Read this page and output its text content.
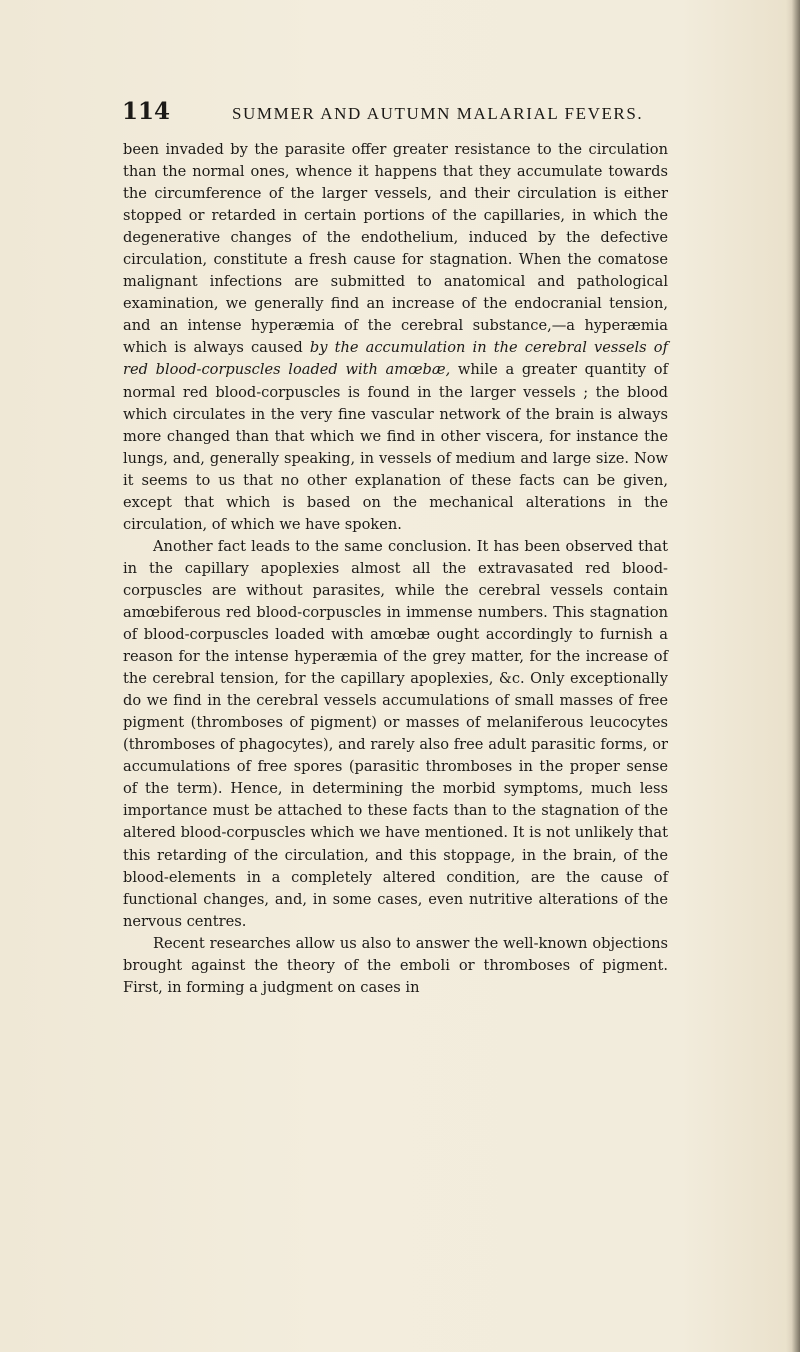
114	SUMMER AND AUTUMN MALARIAL FEVERS.

been invaded by the parasite offer greater resistance to the circulation than the normal ones, whence it happens that they accumulate towards the circumference of the larger vessels, and their circulation is either stopped or retarded in certain portions of the capillaries, in which the degenerative changes of the endothelium, induced by the defective circulation, constitute a fresh cause for stagnation. When the comatose malignant infections are submitted to anatomical and pathological examination, we generally find an increase of the endocranial tension, and an intense hyperæmia of the cerebral substance,—a hyperæmia which is always caused by the accumulation in the cerebral vessels of red blood-corpuscles loaded with amœbæ, while a greater quantity of normal red blood-corpuscles is found in the larger vessels ; the blood which circulates in the very fine vascular network of the brain is always more changed than that which we find in other viscera, for instance the lungs, and, generally speaking, in vessels of medium and large size. Now it seems to us that no other explanation of these facts can be given, except that which is based on the mechanical alterations in the circulation, of which we have spoken.

Another fact leads to the same conclusion. It has been observed that in the capillary apoplexies almost all the extravasated red blood-corpuscles are without parasites, while the cerebral vessels contain amœbiferous red blood-corpuscles in immense numbers. This stagnation of blood-corpuscles loaded with amœbæ ought accordingly to furnish a reason for the intense hyperæmia of the grey matter, for the increase of the cerebral tension, for the capillary apoplexies, &c. Only exceptionally do we find in the cerebral vessels accumulations of small masses of free pigment (thromboses of pigment) or masses of melaniferous leucocytes (thromboses of phagocytes), and rarely also free adult parasitic forms, or accumulations of free spores (parasitic thromboses in the proper sense of the term). Hence, in determining the morbid symptoms, much less importance must be attached to these facts than to the stagnation of the altered blood-corpuscles which we have mentioned. It is not unlikely that this retarding of the circulation, and this stoppage, in the brain, of the blood-elements in a completely altered condition, are the cause of functional changes, and, in some cases, even nutritive alterations of the nervous centres.

Recent researches allow us also to answer the well-known objections brought against the theory of the emboli or thromboses of pigment. First, in forming a judgment on cases in
